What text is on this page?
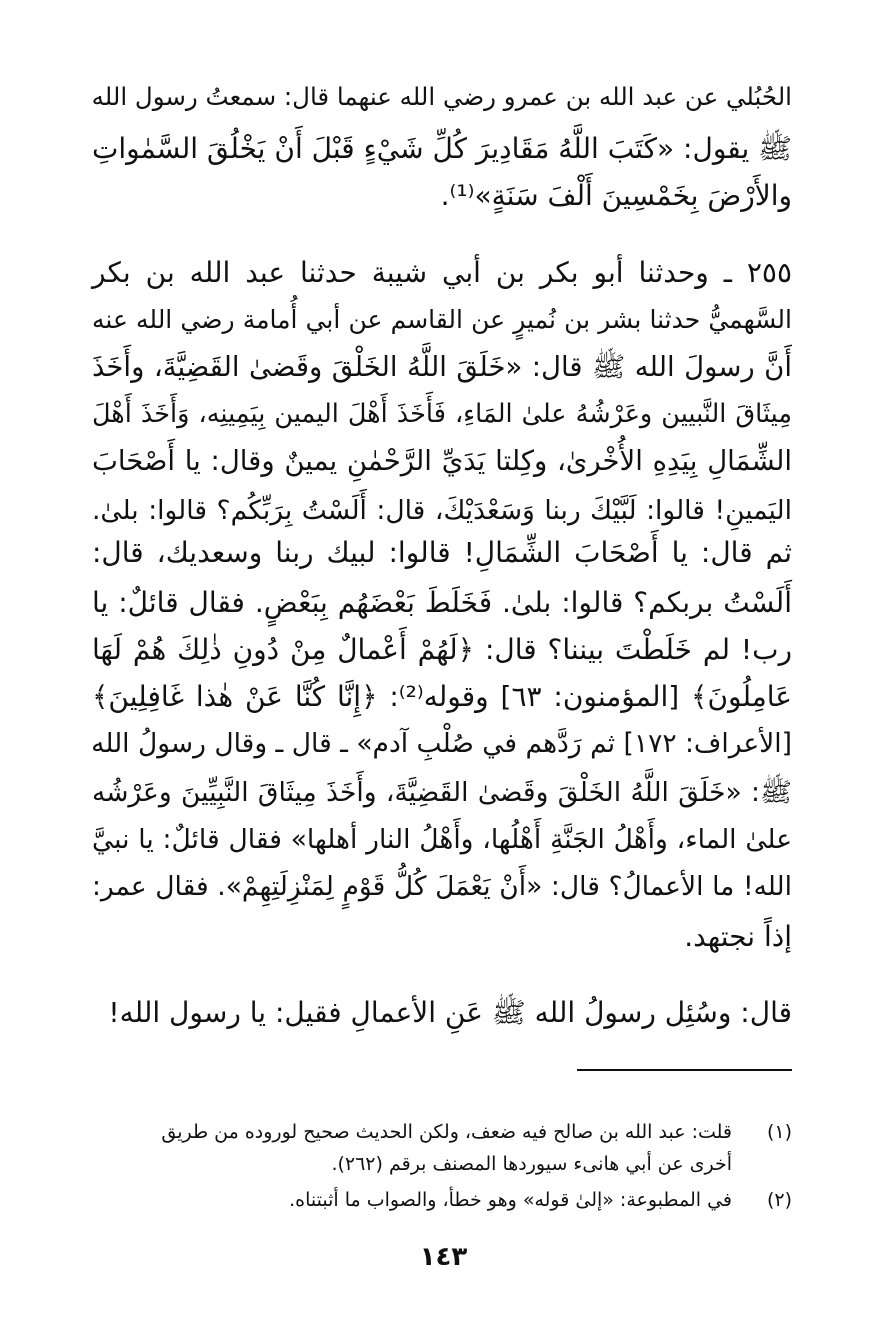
الحُبُلي عن عبد الله بن عمرو رضي الله عنهما قال: سمعتُ رسول الله
ﷺ يقول: «كَتَبَ اللَّهُ مَقَادِيرَ كُلِّ شَيْءٍ قَبْلَ أَنْ يَخْلُقَ السَّمٰواتِ
والأَرْضَ بِخَمْسِينَ أَلْفَ سَنَةٍ»⁽¹⁾.
٢٥٥ ـ وحدثنا أبو بكر بن أبي شيبة حدثنا عبد الله بن بكر
السَّهميُّ حدثنا بشر بن نُميرٍ عن القاسم عن أبي أُمامة رضي الله عنه
أَنَّ رسولَ الله ﷺ قال: «خَلَقَ اللَّهُ الخَلْقَ وقَضىٰ القَضِيَّةَ، وأَخَذَ
مِيثَاقَ النَّبيين وعَرْشُهُ علىٰ المَاءِ، فَأَخَذَ أَهْلَ اليمين بِيَمِينِه، وَأَخَذَ أَهْلَ
الشِّمَالِ بِيَدِهِ الأُخْرىٰ، وكِلتا يَدَيِّ الرَّحْمٰنِ يمينٌ وقال: يا أَصْحَابَ
اليَمينِ! قالوا: لَبَّيْكَ ربنا وَسَعْدَيْكَ، قال: أَلَسْتُ بِرَبِّكُم؟ قالوا: بلىٰ.
ثم قال: يا أَصْحَابَ الشِّمَالِ! قالوا: لبيك ربنا وسعديك، قال:
أَلَسْتُ بربكم؟ قالوا: بلىٰ. فَخَلَطَ بَعْضَهُم بِبَعْضٍ. فقال قائلٌ: يا
رب! لم خَلَطْتَ بيننا؟ قال: ﴿لَهُمْ أَعْمالٌ مِنْ دُونِ ذٰلِكَ هُمْ لَهَا
عَامِلُونَ﴾ [المؤمنون: ٦٣] وقوله⁽²⁾: ﴿إِنَّا كُنَّا عَنْ هٰذا غَافِلِينَ﴾
[الأعراف: ١٧٢] ثم رَدَّهم في صُلْبِ آدم» ـ قال ـ وقال رسولُ الله
ﷺ: «خَلَقَ اللَّهُ الخَلْقَ وقَضىٰ القَضِيَّةَ، وأَخَذَ مِيثَاقَ النَّبِيِّينَ وعَرْشُه
علىٰ الماء، وأَهْلُ الجَنَّةِ أَهْلُها، وأَهْلُ النار أهلها» فقال قائلٌ: يا نبيَّ
الله! ما الأعمالُ؟ قال: «أَنْ يَعْمَلَ كُلُّ قَوْمٍ لِمَنْزِلَتِهِمْ». فقال عمر:
إذاً نجتهد.
قال: وسُئِل رسولُ الله ﷺ عَنِ الأعمالِ فقيل: يا رسول الله!
(١)قلت: عبد الله بن صالح فيه ضعف، ولكن الحديث صحيح لوروده من طريق
أخرى عن أبي هانىء سيوردها المصنف برقم (٢٦٢).
(٢)في المطبوعة: «إلىٰ قوله» وهو خطأ، والصواب ما أثبتناه.
١٤٣
